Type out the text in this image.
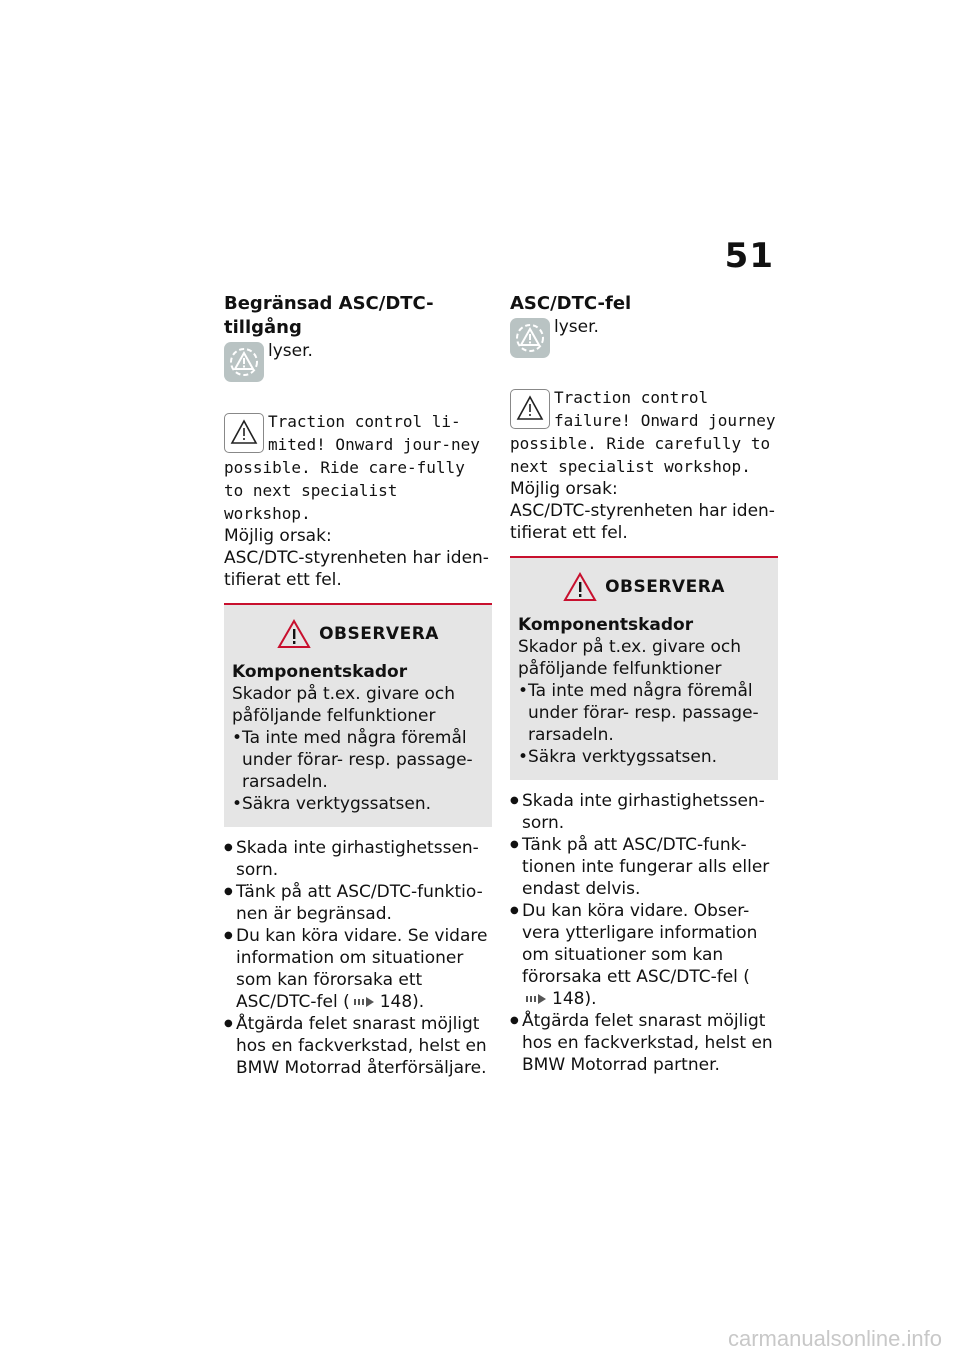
51
Begränsad ASC/DTC-tillgång
lyser.

Traction control li-mited! Onward jour-ney possible. Ride care-fully to next specialist workshop.

Möjlig orsak:

ASC/DTC-styrenheten har iden-tifierat ett fel.

OBSERVERA
Komponentskador
Skador på t.ex. givare och påföljande felfunktioner
• Ta inte med några föremål under förar- resp. passage-rarsadeln.
• Säkra verktygssatsen.
● Skada inte girhastighetssen-sorn.
● Tänk på att ASC/DTC-funktio-nen är begränsad.
● Du kan köra vidare. Se vidare information om situationer som kan förorsaka ett ASC/DTC-fel ( 148).
● Åtgärda felet snarast möjligt hos en fackverkstad, helst en BMW Motorrad återförsäljare.
ASC/DTC-fel
lyser.

Traction control failure! Onward journey possible. Ride carefully to next specialist workshop.

Möjlig orsak:

ASC/DTC-styrenheten har iden-tifierat ett fel.

OBSERVERA
Komponentskador
Skador på t.ex. givare och påföljande felfunktioner
• Ta inte med några föremål under förar- resp. passage-rarsadeln.
• Säkra verktygssatsen.
● Skada inte girhastighetssen-sorn.
● Tänk på att ASC/DTC-funk-tionen inte fungerar alls eller endast delvis.
● Du kan köra vidare. Obser-vera ytterligare information om situationer som kan förorsaka ett ASC/DTC-fel (148).
● Åtgärda felet snarast möjligt hos en fackverkstad, helst en BMW Motorrad partner.
carmanualsonline.info
